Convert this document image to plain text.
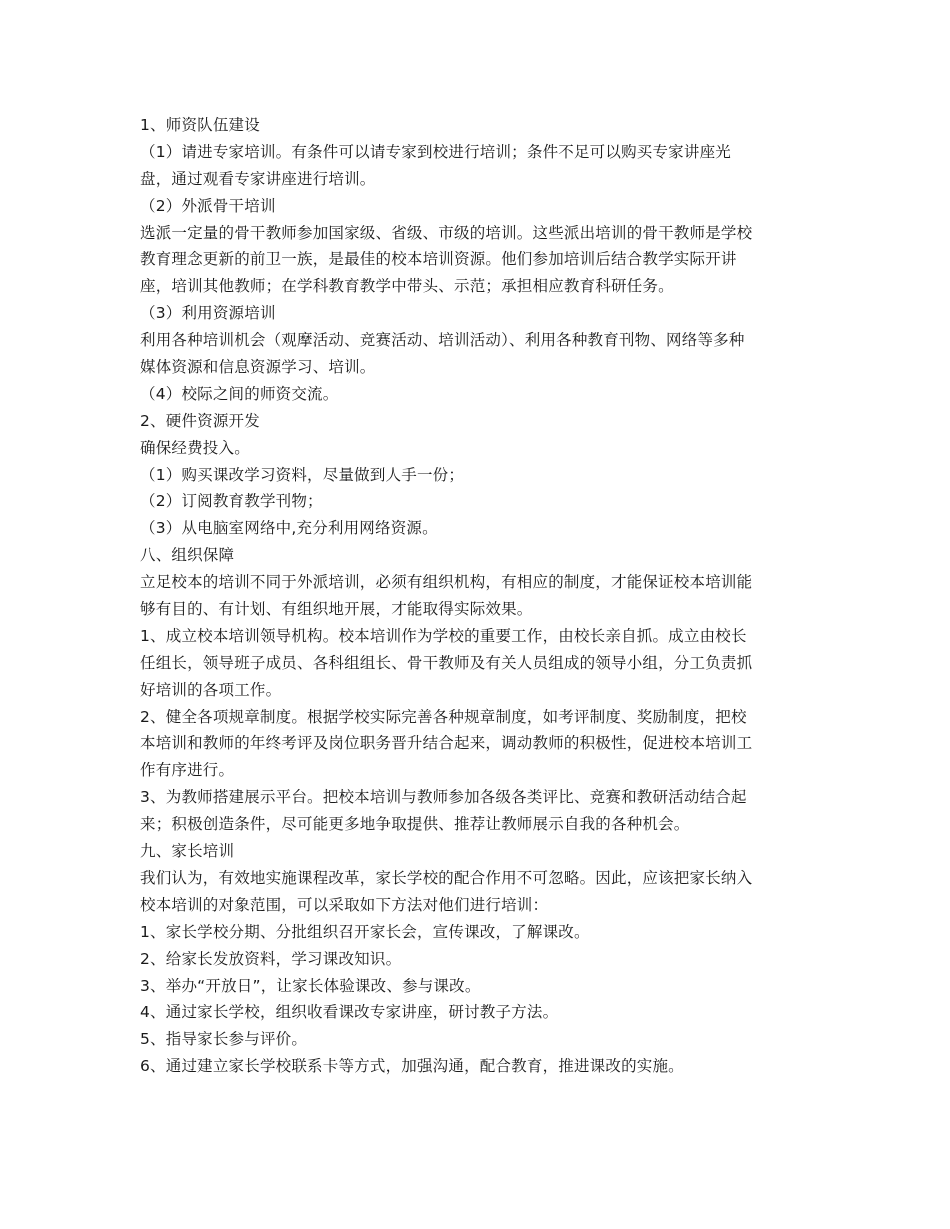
1、师资队伍建设
（1）请进专家培训。有条件可以请专家到校进行培训；条件不足可以购买专家讲座光
盘，通过观看专家讲座进行培训。
（2）外派骨干培训
选派一定量的骨干教师参加国家级、省级、市级的培训。这些派出培训的骨干教师是学校
教育理念更新的前卫一族，是最佳的校本培训资源。他们参加培训后结合教学实际开讲
座，培训其他教师；在学科教育教学中带头、示范；承担相应教育科研任务。
（3）利用资源培训
利用各种培训机会（观摩活动、竞赛活动、培训活动）、利用各种教育刊物、网络等多种
媒体资源和信息资源学习、培训。
（4）校际之间的师资交流。
2、硬件资源开发
确保经费投入。
（1）购买课改学习资料，尽量做到人手一份；
（2）订阅教育教学刊物；
（3）从电脑室网络中,充分利用网络资源。
八、组织保障
立足校本的培训不同于外派培训，必须有组织机构，有相应的制度，才能保证校本培训能
够有目的、有计划、有组织地开展，才能取得实际效果。
1、成立校本培训领导机构。校本培训作为学校的重要工作，由校长亲自抓。成立由校长
任组长，领导班子成员、各科组组长、骨干教师及有关人员组成的领导小组，分工负责抓
好培训的各项工作。
2、健全各项规章制度。根据学校实际完善各种规章制度，如考评制度、奖励制度，把校
本培训和教师的年终考评及岗位职务晋升结合起来，调动教师的积极性，促进校本培训工
作有序进行。
3、为教师搭建展示平台。把校本培训与教师参加各级各类评比、竞赛和教研活动结合起
来；积极创造条件，尽可能更多地争取提供、推荐让教师展示自我的各种机会。
九、家长培训
我们认为，有效地实施课程改革，家长学校的配合作用不可忽略。因此，应该把家长纳入
校本培训的对象范围，可以采取如下方法对他们进行培训：
1、家长学校分期、分批组织召开家长会，宣传课改，了解课改。
2、给家长发放资料，学习课改知识。
3、举办“开放日”，让家长体验课改、参与课改。
4、通过家长学校，组织收看课改专家讲座，研讨教子方法。
5、指导家长参与评价。
6、通过建立家长学校联系卡等方式，加强沟通，配合教育，推进课改的实施。
